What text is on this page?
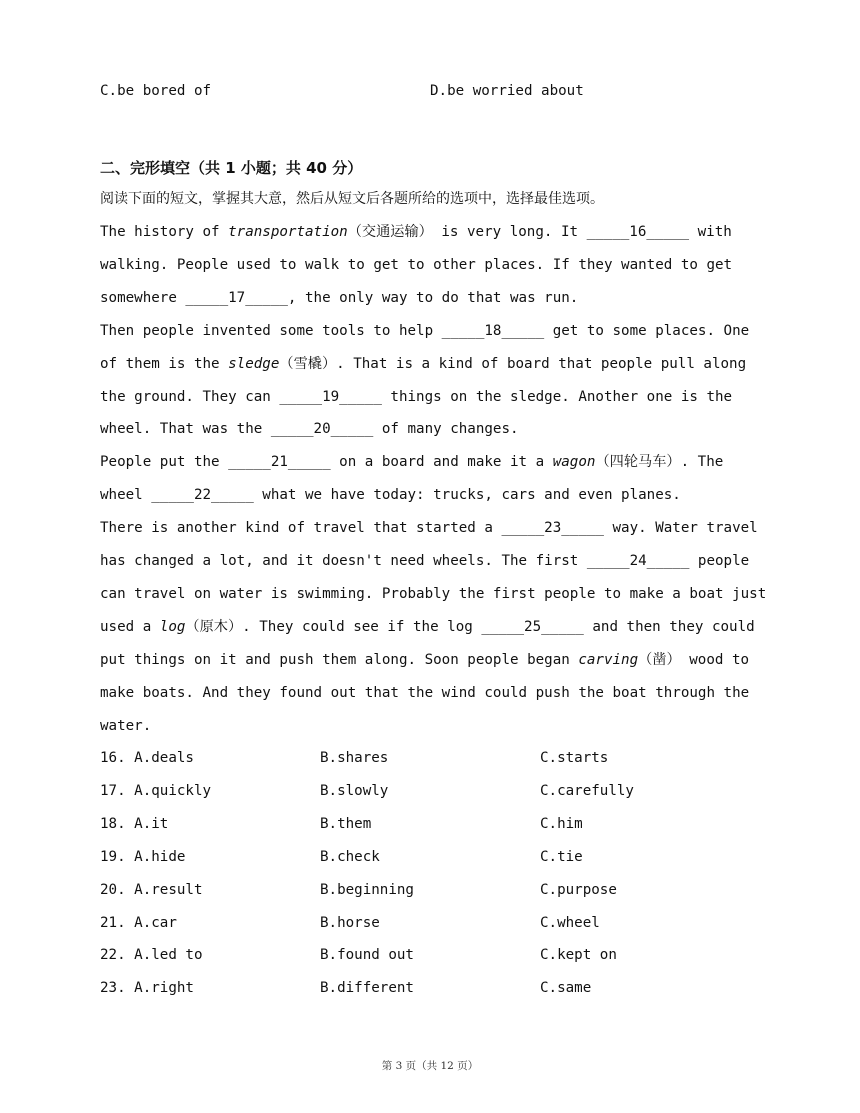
C.be bored of	D.be worried about
二、完形填空（共 1 小题；共 40 分）
阅读下面的短文，掌握其大意，然后从短文后各题所给的选项中，选择最佳选项。
The history of transportation（交通运输） is very long. It _____16_____ with
walking. People used to walk to get to other places. If they wanted to get
somewhere _____17_____, the only way to do that was run.
Then people invented some tools to help _____18_____ get to some places. One
of them is the sledge（雪橇）. That is a kind of board that people pull along
the ground. They can _____19_____ things on the sledge. Another one is the
wheel. That was the _____20_____ of many changes.
People put the _____21_____ on a board and make it a wagon（四轮马车）. The
wheel _____22_____ what we have today: trucks, cars and even planes.
There is another kind of travel that started a _____23_____ way. Water travel
has changed a lot, and it doesn't need wheels. The first _____24_____ people
can travel on water is swimming. Probably the first people to make a boat just
used a log（原木）. They could see if the log _____25_____ and then they could
put things on it and push them along. Soon people began carving（凿） wood to
make boats. And they found out that the wind could push the boat through the
water.
16. A.deals	B.shares	C.starts
17. A.quickly	B.slowly	C.carefully
18. A.it	B.them	C.him
19. A.hide	B.check	C.tie
20. A.result	B.beginning	C.purpose
21. A.car	B.horse	C.wheel
22. A.led to	B.found out	C.kept on
23. A.right	B.different	C.same
第 3 页（共 12 页）
